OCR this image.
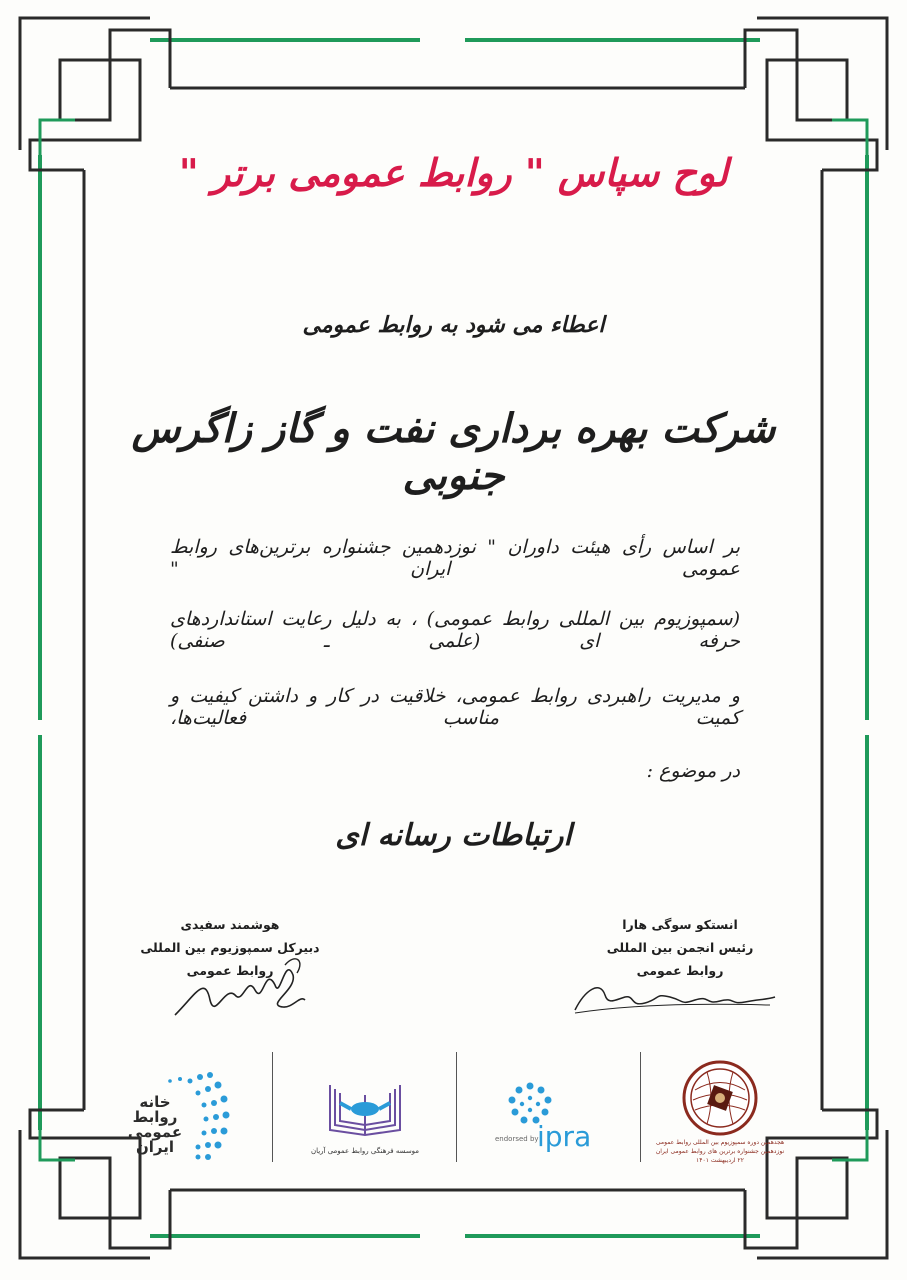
لوح سپاس " روابط عمومی برتر "
اعطاء می شود به روابط عمومی
شرکت بهره برداری نفت و گاز زاگرس جنوبی
بر اساس رأی هیئت داوران " نوزدهمین جشنواره برترین‌های روابط عمومی ایران "
(سمپوزیوم بین المللی روابط عمومی) ، به دلیل رعایت استانداردهای حرفه ای (علمی ـ صنفی)
و مدیریت راهبردی روابط عمومی، خلاقیت در کار و داشتن کیفیت و کمیت مناسب فعالیت‌ها،
در موضوع :
ارتباطات رسانه ای
هوشمند سفیدی
دبیرکل سمپوزیوم بین المللی
روابط عمومی
انستکو سوگی هارا
رئیس انجمن بین المللی
روابط عمومی
خانه
روابط
عمومی
ایران	موسسه فرهنگی روابط عمومی آریان
endorsed by
ipra	هجدهمین دوره سمپوزیوم بین المللی روابط عمومی
نوزدهمین جشنواره برترین های روابط عمومی ایران
۲۲ اردیبهشت ۱۴۰۱
